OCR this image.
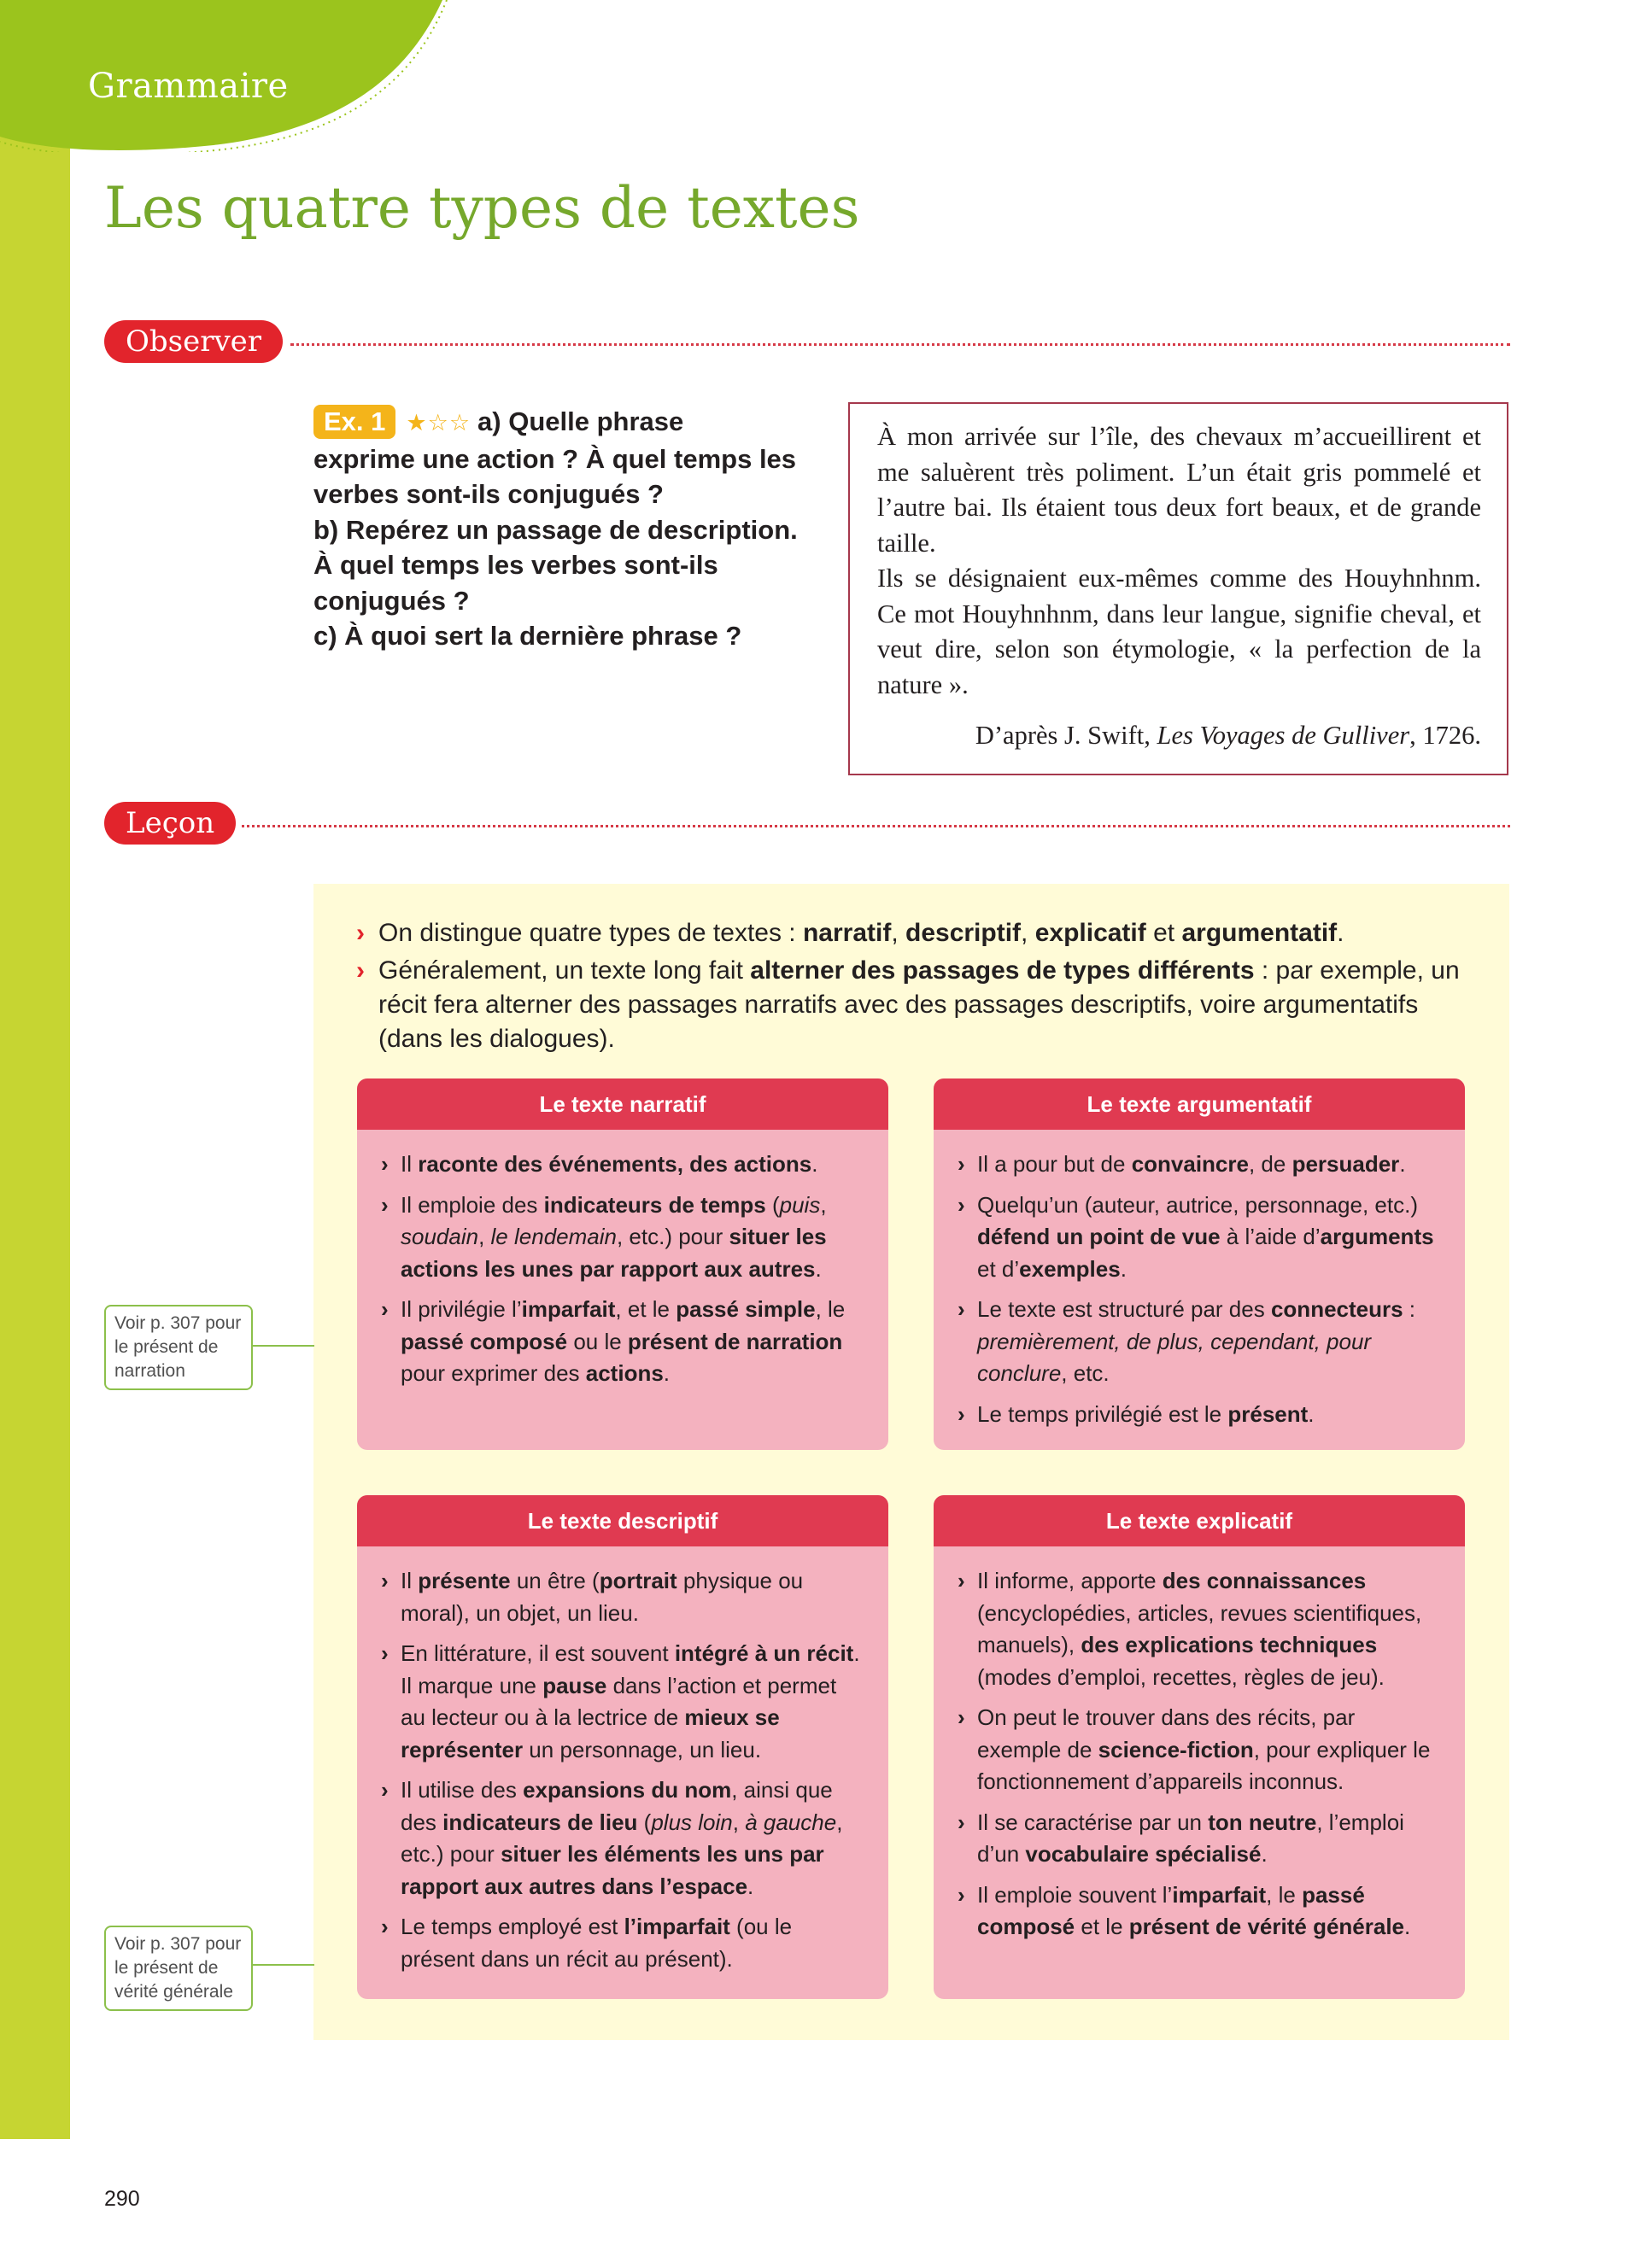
Grammaire
Les quatre types de textes
Observer
Ex. 1 ★☆☆ a) Quelle phrase
exprime une action ? À quel temps les
verbes sont-ils conjugués ?
b) Repérez un passage de description.
À quel temps les verbes sont-ils
conjugués ?
c) À quoi sert la dernière phrase ?

À mon arrivée sur l’île, des chevaux m’accueillirent et me saluèrent très poliment. L’un était gris pommelé et l’autre bai. Ils étaient tous deux fort beaux, et de grande taille.

Ils se désignaient eux-mêmes comme des Houyhnhnm. Ce mot Houyhnhnm, dans leur langue, signifie cheval, et veut dire, selon son étymologie, « la perfection de la nature ».

D’après J. Swift, Les Voyages de Gulliver, 1726.
Leçon
› On distingue quatre types de textes : narratif, descriptif, explicatif et argumentatif.
› Généralement, un texte long fait alterner des passages de types différents : par exemple, un récit fera alterner des passages narratifs avec des passages descriptifs, voire argumentatifs (dans les dialogues).
Le texte narratif
› Il raconte des événements, des actions.
› Il emploie des indicateurs de temps (puis, soudain, le lendemain, etc.) pour situer les actions les unes par rapport aux autres.
› Il privilégie l’imparfait, et le passé simple, le passé composé ou le présent de narration pour exprimer des actions.
Le texte argumentatif
› Il a pour but de convaincre, de persuader.
› Quelqu’un (auteur, autrice, personnage, etc.) défend un point de vue à l’aide d’arguments et d’exemples.
› Le texte est structuré par des connecteurs : premièrement, de plus, cependant, pour conclure, etc.
› Le temps privilégié est le présent.
Le texte descriptif
› Il présente un être (portrait physique ou moral), un objet, un lieu.
› En littérature, il est souvent intégré à un récit. Il marque une pause dans l’action et permet au lecteur ou à la lectrice de mieux se représenter un personnage, un lieu.
› Il utilise des expansions du nom, ainsi que des indicateurs de lieu (plus loin, à gauche, etc.) pour situer les éléments les uns par rapport aux autres dans l’espace.
› Le temps employé est l’imparfait (ou le présent dans un récit au présent).
Le texte explicatif
› Il informe, apporte des connaissances (encyclopédies, articles, revues scientifiques, manuels), des explications techniques (modes d’emploi, recettes, règles de jeu).
› On peut le trouver dans des récits, par exemple de science-fiction, pour expliquer le fonctionnement d’appareils inconnus.
› Il se caractérise par un ton neutre, l’emploi d’un vocabulaire spécialisé.
› Il emploie souvent l’imparfait, le passé composé et le présent de vérité générale.
Voir p. 307 pour le présent de narration
Voir p. 307 pour le présent de vérité générale
290
